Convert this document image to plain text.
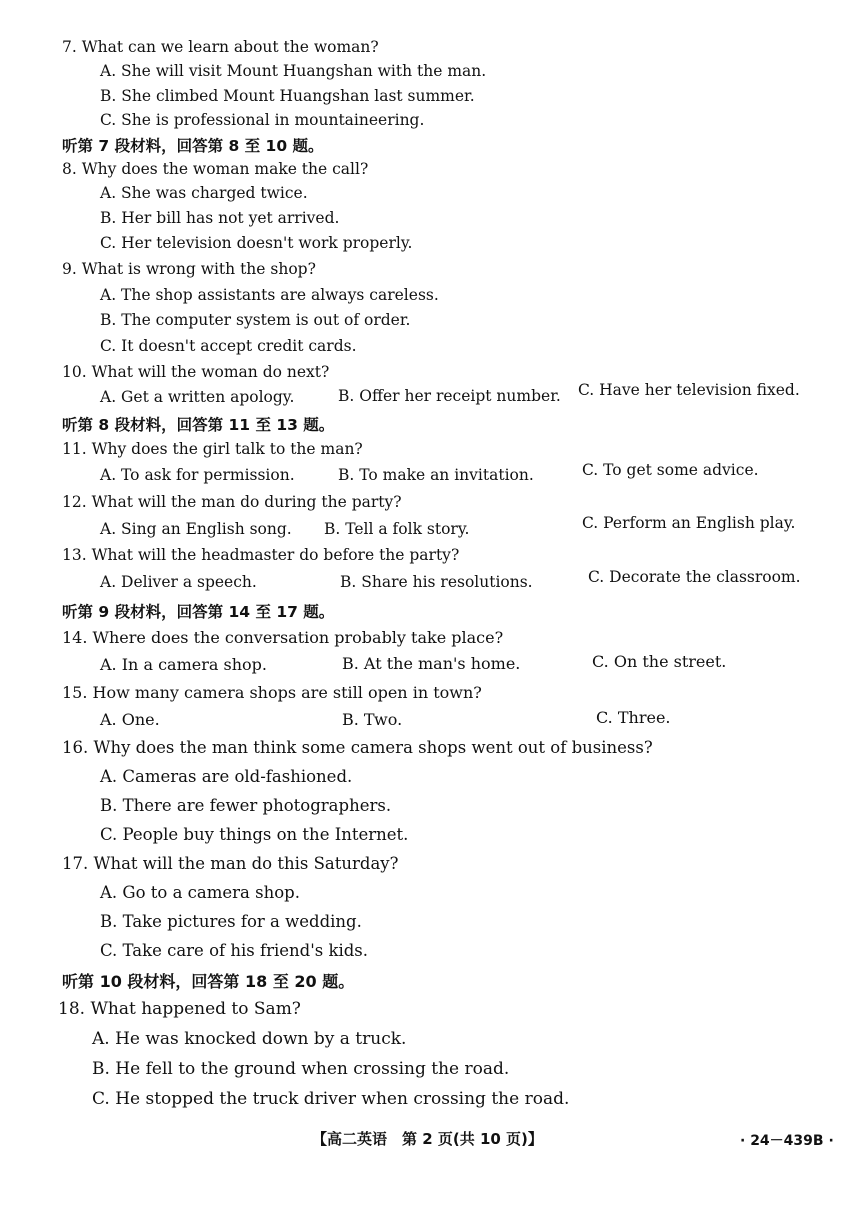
7. What can we learn about the woman?
A. She will visit Mount Huangshan with the man.
B. She climbed Mount Huangshan last summer.
C. She is professional in mountaineering.
听第 7 段材料，回答第 8 至 10 题。
8. Why does the woman make the call?
A. She was charged twice.
B. Her bill has not yet arrived.
C. Her television doesn't work properly.
9. What is wrong with the shop?
A. The shop assistants are always careless.
B. The computer system is out of order.
C. It doesn't accept credit cards.
10. What will the woman do next?
A. Get a written apology.	B. Offer her receipt number. C. Have her television fixed.
听第 8 段材料，回答第 11 至 13 题。
11. Why does the girl talk to the man?
A. To ask for permission.	B. To make an invitation.	C. To get some advice.
12. What will the man do during the party?
A. Sing an English song. B. Tell a folk story.	C. Perform an English play.
13. What will the headmaster do before the party?
A. Deliver a speech.	B. Share his resolutions.	C. Decorate the classroom.
听第 9 段材料，回答第 14 至 17 题。
14. Where does the conversation probably take place?
A. In a camera shop.	B. At the man's home.	C. On the street.
15. How many camera shops are still open in town?
A. One.	B. Two.	C. Three.
16. Why does the man think some camera shops went out of business?
A. Cameras are old-fashioned.
B. There are fewer photographers.
C. People buy things on the Internet.
17. What will the man do this Saturday?
A. Go to a camera shop.
B. Take pictures for a wedding.
C. Take care of his friend's kids.
听第 10 段材料，回答第 18 至 20 题。
18. What happened to Sam?
A. He was knocked down by a truck.
B. He fell to the ground when crossing the road.
C. He stopped the truck driver when crossing the road.
【高二英语　第 2 页(共 10 页)】	· 24－439B ·
